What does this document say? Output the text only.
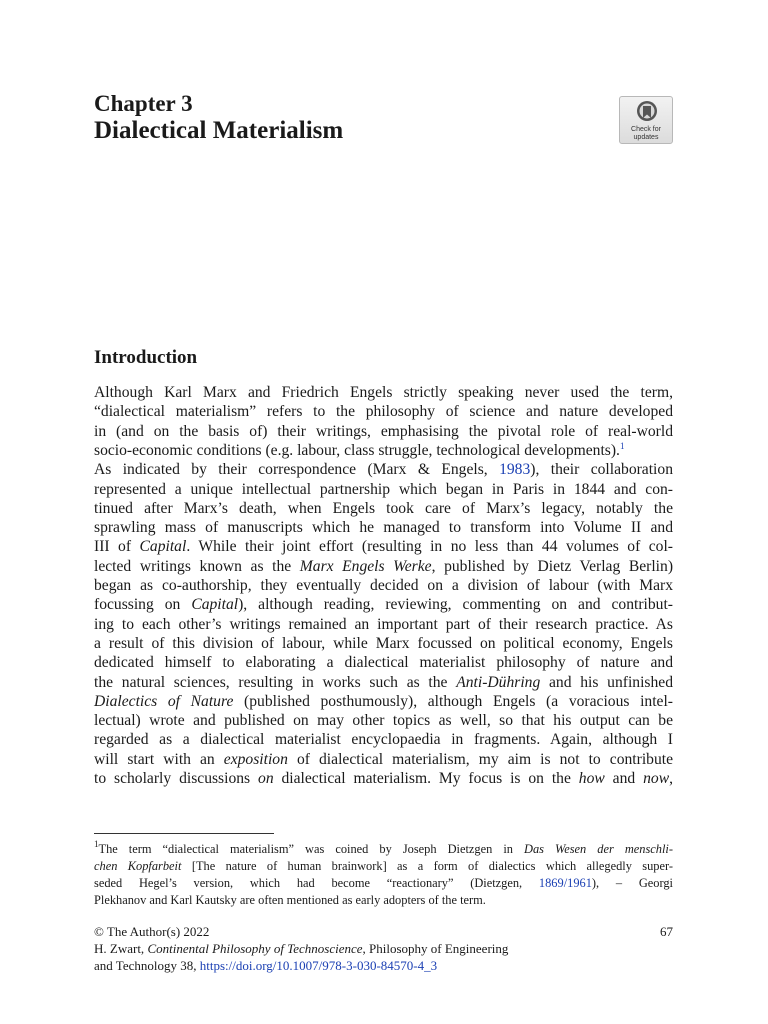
Chapter 3
Dialectical Materialism	Check for
updates
Introduction
Although Karl Marx and Friedrich Engels strictly speaking never used the term,
“dialectical materialism” refers to the philosophy of science and nature developed
in (and on the basis of) their writings, emphasising the pivotal role of real-world
socio-economic conditions (e.g. labour, class struggle, technological developments).$^1$
As indicated by their correspondence (Marx & Engels, 1983), their collaboration
represented a unique intellectual partnership which began in Paris in 1844 and con-
tinued after Marx’s death, when Engels took care of Marx’s legacy, notably the
sprawling mass of manuscripts which he managed to transform into Volume II and
III of Capital. While their joint effort (resulting in no less than 44 volumes of col-
lected writings known as the Marx Engels Werke, published by Dietz Verlag Berlin)
began as co-authorship, they eventually decided on a division of labour (with Marx
focussing on Capital), although reading, reviewing, commenting on and contribut-
ing to each other’s writings remained an important part of their research practice. As
a result of this division of labour, while Marx focussed on political economy, Engels
dedicated himself to elaborating a dialectical materialist philosophy of nature and
the natural sciences, resulting in works such as the Anti-Dühring and his unfinished
Dialectics of Nature (published posthumously), although Engels (a voracious intel-
lectual) wrote and published on may other topics as well, so that his output can be
regarded as a dialectical materialist encyclopaedia in fragments. Again, although I
will start with an exposition of dialectical materialism, my aim is not to contribute
to scholarly discussions on dialectical materialism. My focus is on the how and now,
$^1$The term “dialectical materialism” was coined by Joseph Dietzgen in Das Wesen der menschli-
chen Kopfarbeit [The nature of human brainwork] as a form of dialectics which allegedly super-
seded Hegel’s version, which had become “reactionary” (Dietzgen, 1869/1961), – Georgi
Plekhanov and Karl Kautsky are often mentioned as early adopters of the term.
© The Author(s) 2022	67
H. Zwart, Continental Philosophy of Technoscience, Philosophy of Engineering
and Technology 38, https://doi.org/10.1007/978-3-030-84570-4_3
